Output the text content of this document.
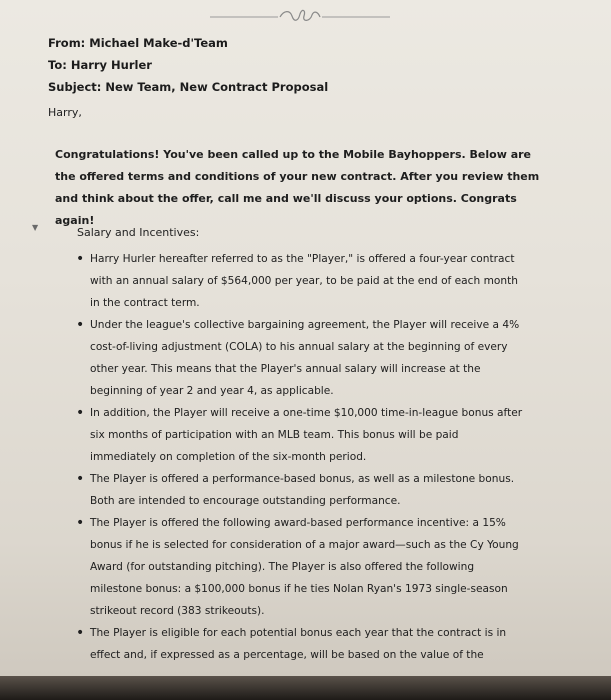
From: Michael Make-d'Team
To: Harry Hurler
Subject: New Team, New Contract Proposal
Harry,
Congratulations! You've been called up to the Mobile Bayhoppers. Below are the offered terms and conditions of your new contract. After you review them and think about the offer, call me and we'll discuss your options. Congrats again!
▼	Salary and Incentives:
• Harry Hurler hereafter referred to as the "Player," is offered a four-year contract with an annual salary of $564,000 per year, to be paid at the end of each month in the contract term.
• Under the league's collective bargaining agreement, the Player will receive a 4% cost-of-living adjustment (COLA) to his annual salary at the beginning of every other year. This means that the Player's annual salary will increase at the beginning of year 2 and year 4, as applicable.
• In addition, the Player will receive a one-time $10,000 time-in-league bonus after six months of participation with an MLB team. This bonus will be paid immediately on completion of the six-month period.
• The Player is offered a performance-based bonus, as well as a milestone bonus. Both are intended to encourage outstanding performance.
• The Player is offered the following award-based performance incentive: a 15% bonus if he is selected for consideration of a major award—such as the Cy Young Award (for outstanding pitching). The Player is also offered the following milestone bonus: a $100,000 bonus if he ties Nolan Ryan's 1973 single-season strikeout record (383 strikeouts).
• The Player is eligible for each potential bonus each year that the contract is in effect and, if expressed as a percentage, will be based on the value of the
